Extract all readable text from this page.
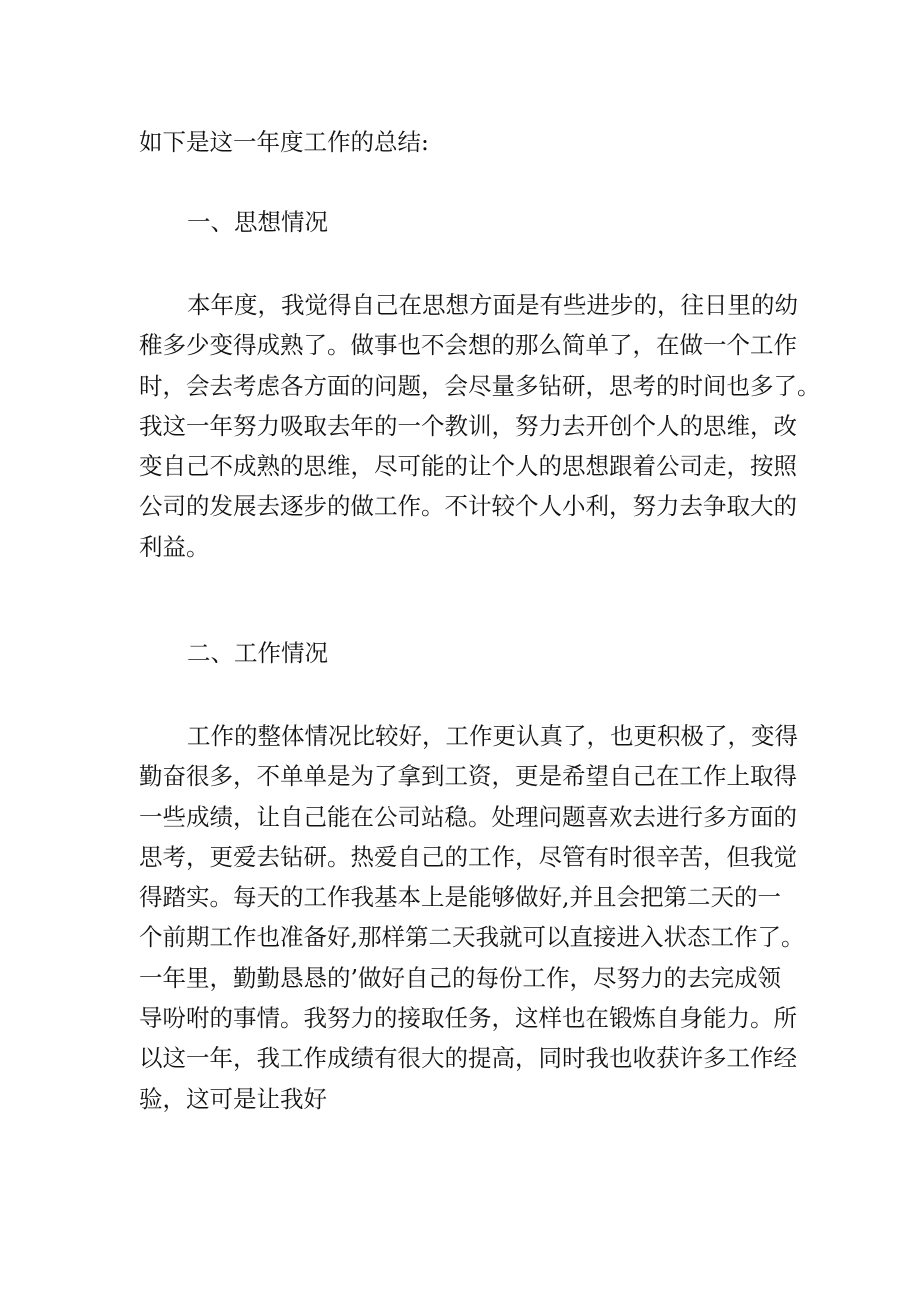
如下是这一年度工作的总结:

一、思想情况

本年度，我觉得自己在思想方面是有些进步的，往日里的幼
稚多少变得成熟了。做事也不会想的那么简单了，在做一个工作
时，会去考虑各方面的问题，会尽量多钻研，思考的时间也多了。
我这一年努力吸取去年的一个教训，努力去开创个人的思维，改
变自己不成熟的思维，尽可能的让个人的思想跟着公司走，按照
公司的发展去逐步的做工作。不计较个人小利，努力去争取大的
利益。

二、工作情况

工作的整体情况比较好，工作更认真了，也更积极了，变得
勤奋很多，不单单是为了拿到工资，更是希望自己在工作上取得
一些成绩，让自己能在公司站稳。处理问题喜欢去进行多方面的
思考，更爱去钻研。热爱自己的工作，尽管有时很辛苦，但我觉
得踏实。每天的工作我基本上是能够做好,并且会把第二天的一
个前期工作也准备好,那样第二天我就可以直接进入状态工作了。
一年里，勤勤恳恳的’做好自己的每份工作，尽努力的去完成领
导吩咐的事情。我努力的接取任务，这样也在锻炼自身能力。所
以这一年，我工作成绩有很大的提高，同时我也收获许多工作经
验，这可是让我好
